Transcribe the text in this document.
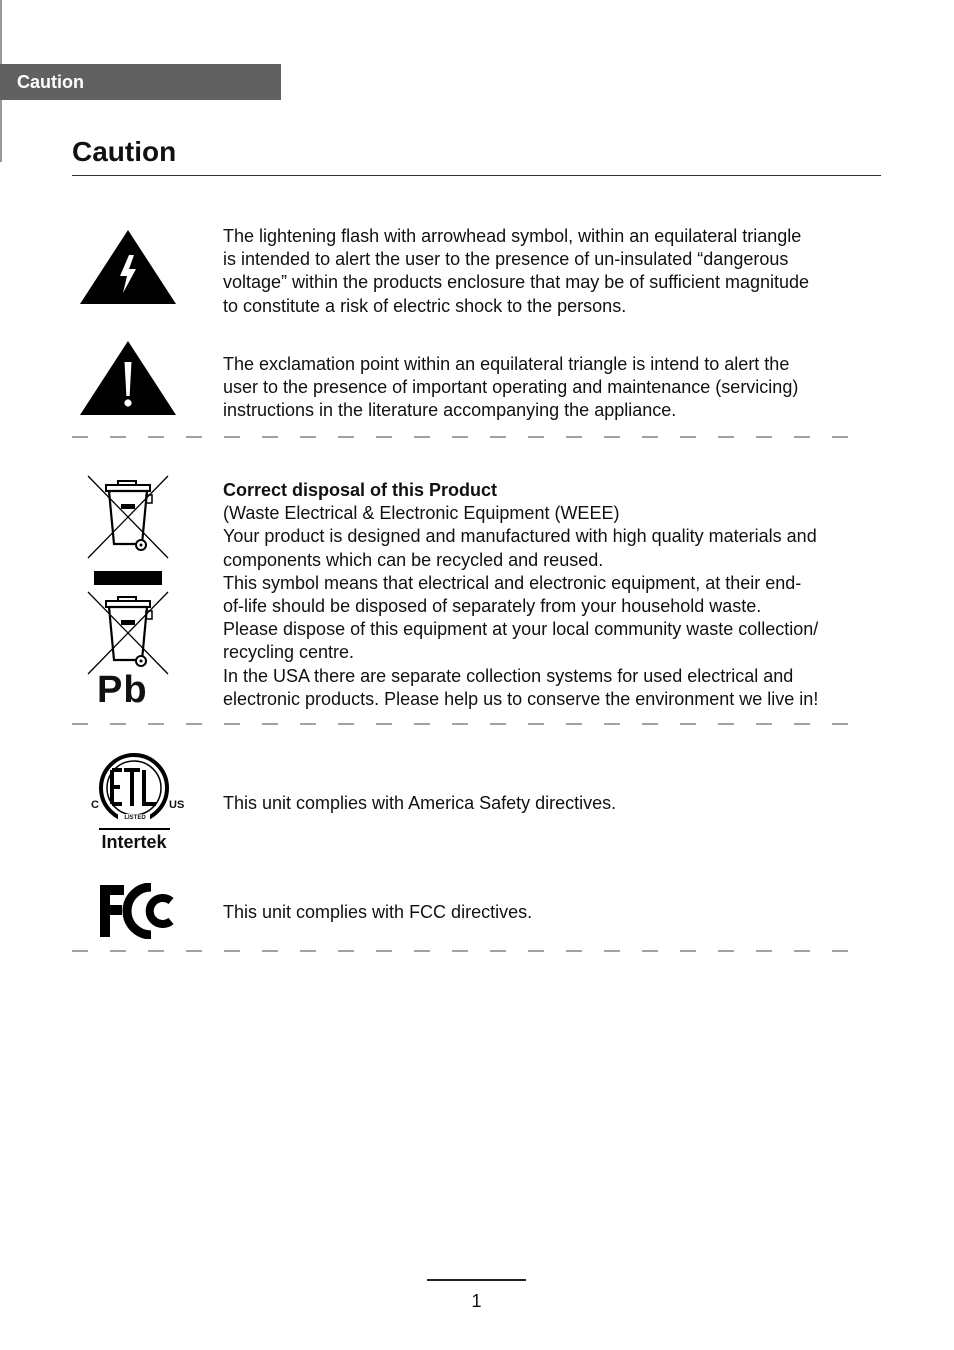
Caution
Caution
The lightening flash with arrowhead symbol, within an equilateral triangle
is intended to alert the user to the presence of un-insulated “dangerous
voltage” within the products enclosure that may be of sufficient magnitude
to constitute a risk of electric shock to the persons.
The exclamation point within an equilateral triangle is intend to alert the
user to the presence of important operating and maintenance (servicing)
instructions in the literature accompanying the appliance.
Pb
Correct disposal of this Product
(Waste Electrical & Electronic Equipment (WEEE)
Your product is designed and manufactured with high quality materials and
components which can be recycled and reused.
This symbol means that electrical and electronic equipment, at their end-
of-life should be disposed of separately from your household waste.
Please dispose of this equipment at your local community waste collection/
recycling centre.
In the USA there are separate collection systems for used electrical and
electronic products. Please help us to conserve the environment we live in!
C	US
LISTED
Intertek
This unit complies with America Safety directives.
This unit complies with FCC directives.
1
